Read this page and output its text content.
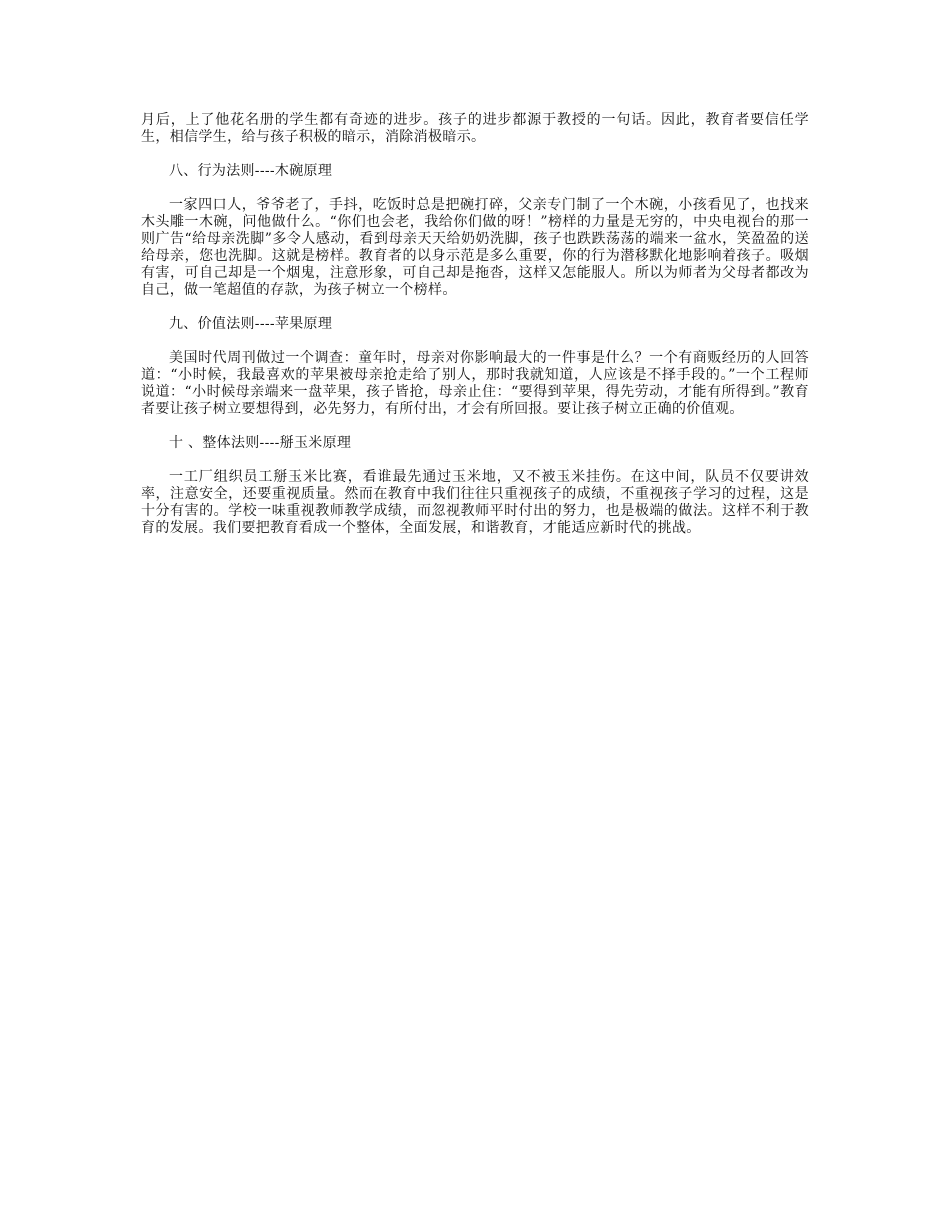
月后，上了他花名册的学生都有奇迹的进步。孩子的进步都源于教授的一句话。因此，教育者要信任学生，相信学生，给与孩子积极的暗示，消除消极暗示。

八、行为法则----木碗原理

一家四口人，爷爷老了，手抖，吃饭时总是把碗打碎，父亲专门制了一个木碗，小孩看见了，也找来木头雕一木碗，问他做什么。“你们也会老，我给你们做的呀！”榜样的力量是无穷的，中央电视台的那一则广告“给母亲洗脚”多令人感动，看到母亲天天给奶奶洗脚，孩子也跌跌荡荡的端来一盆水，笑盈盈的送给母亲，您也洗脚。这就是榜样。教育者的以身示范是多么重要，你的行为潜移默化地影响着孩子。吸烟有害，可自己却是一个烟鬼，注意形象，可自己却是拖沓，这样又怎能服人。所以为师者为父母者都改为自己，做一笔超值的存款，为孩子树立一个榜样。

九、价值法则----苹果原理

美国时代周刊做过一个调查：童年时，母亲对你影响最大的一件事是什么？一个有商贩经历的人回答道：“小时候，我最喜欢的苹果被母亲抢走给了别人，那时我就知道，人应该是不择手段的。”一个工程师说道：“小时候母亲端来一盘苹果，孩子皆抢，母亲止住：“要得到苹果，得先劳动，才能有所得到。”教育者要让孩子树立要想得到，必先努力，有所付出，才会有所回报。要让孩子树立正确的价值观。

十 、整体法则----掰玉米原理

一工厂组织员工掰玉米比赛，看谁最先通过玉米地，又不被玉米挂伤。在这中间，队员不仅要讲效率，注意安全，还要重视质量。然而在教育中我们往往只重视孩子的成绩，不重视孩子学习的过程，这是十分有害的。学校一味重视教师教学成绩，而忽视教师平时付出的努力，也是极端的做法。这样不利于教育的发展。我们要把教育看成一个整体，全面发展，和谐教育，才能适应新时代的挑战。
